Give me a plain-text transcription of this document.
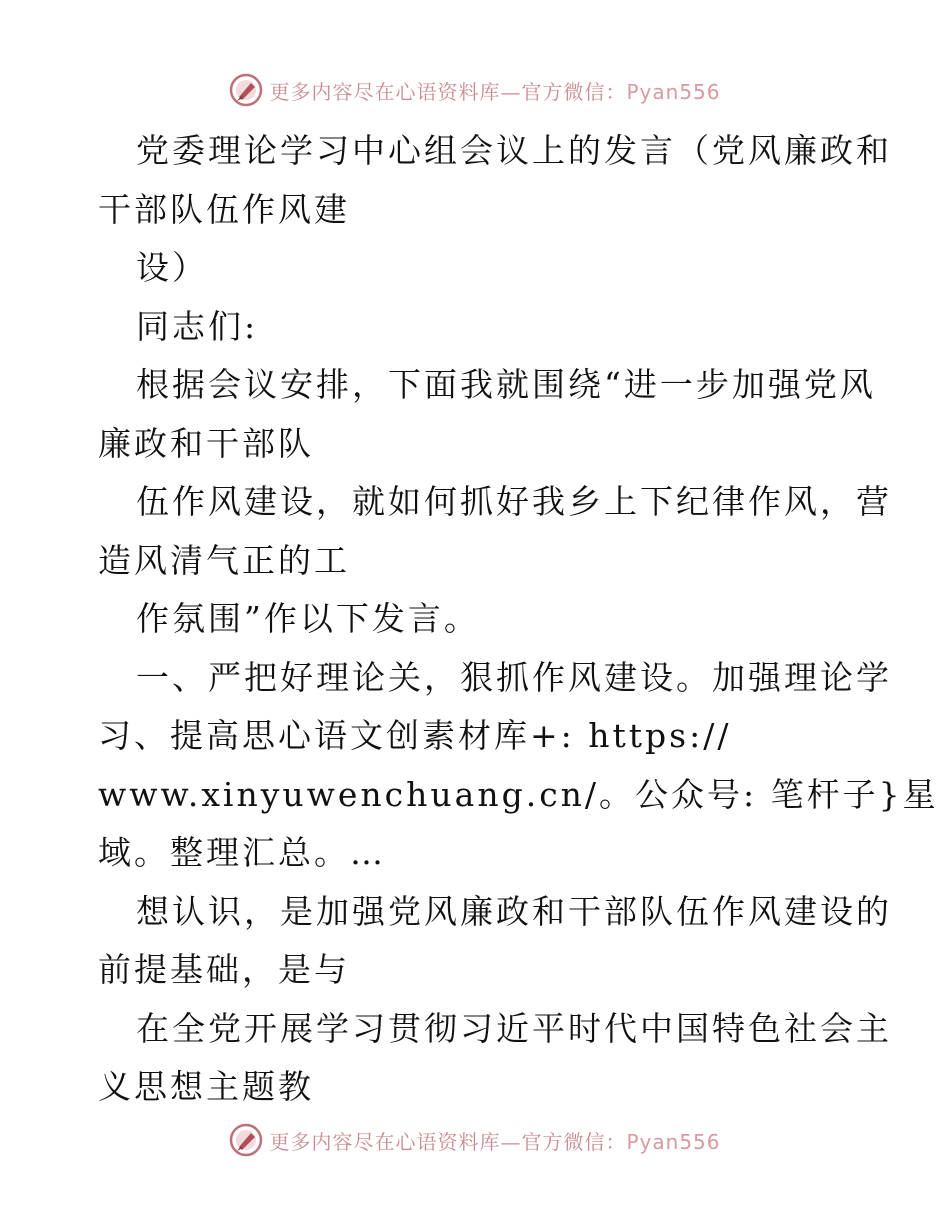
更多内容尽在心语资料库—官方微信：Pyan556
党委理论学习中心组会议上的发言（党风廉政和
干部队伍作风建
设）
同志们:
根据会议安排，下面我就围绕“进一步加强党风
廉政和干部队
伍作风建设，就如何抓好我乡上下纪律作风，营
造风清气正的工
作氛围”作以下发言。
一、严把好理论关，狠抓作风建设。加强理论学
习、提高思心语文创素材库+: https://
www.xinyuwenchuang.cn/。公众号: 笔杆子}星
域。整理汇总。…
想认识，是加强党风廉政和干部队伍作风建设的
前提基础，是与
在全党开展学习贯彻习近平时代中国特色社会主
义思想主题教
更多内容尽在心语资料库—官方微信：Pyan556
